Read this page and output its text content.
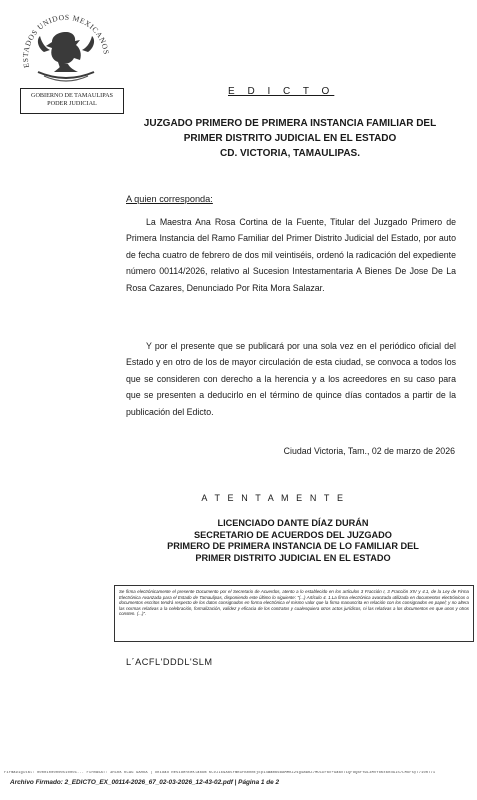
ESTADOS UNIDOS MEXICANOS
GOBIERNO DE TAMAULIPAS
PODER JUDICIAL
E D I C T O
JUZGADO PRIMERO DE PRIMERA INSTANCIA FAMILIAR DEL
PRIMER DISTRITO JUDICIAL EN EL ESTADO
CD. VICTORIA, TAMAULIPAS.
A quien corresponda:
La Maestra Ana Rosa Cortina de la Fuente, Titular del Juzgado Primero de Primera Instancia del Ramo Familiar del Primer Distrito Judicial del Estado, por auto de fecha cuatro de febrero de dos mil veintiséis, ordenó la radicación del expediente número 00114/2026, relativo al Sucesion Intestamentaria A Bienes De Jose De La Rosa Cazares, Denunciado Por Rita Mora Salazar.
Y por el presente que se publicará por una sola vez en el periódico oficial del Estado y en otro de los de mayor circulación de esta ciudad, se convoca a todos los que se consideren con derecho a la herencia y a los acreedores en su caso para que se presenten a deducirlo en el término de quince días contados a partir de la publicación del Edicto.
Ciudad Victoria, Tam., 02 de marzo de 2026
A T E N T A M E N T E
LICENCIADO DANTE DÍAZ DURÁN
SECRETARIO DE ACUERDOS DEL JUZGADO
PRIMERO DE PRIMERA INSTANCIA DE LO FAMILIAR DEL
PRIMER DISTRITO JUDICIAL EN EL ESTADO
Se firma electrónicamente el presente Documento por el Secretario de Acuerdos, atento a lo establecido en los artículos 3 Fracción I, 3 Fracción XIV y 4.1, de la Ley de Firma Electrónica Avanzada para el Estado de Tamaulipas, disponiendo este último lo siguiente: "(...) Artículo 4. 1.La firma electrónica avanzada utilizada en documentos electrónicos o documentos escritos tendrá respecto de los datos consignados en forma electrónica el mismo valor que la firma manuscrita en relación con los consignados en papel; y no altera las normas relativas a la celebración, formalización, validez y eficacia de los contratos y cualesquiera otros actos jurídicos, ni las relativas a los documentos en que unos y otros consten. (...)".
L´ACFL'DDDL'SLM
FirmaDigital: 00001000000510001... FirmaSAT: 3HCKK KCAG GAHOA | Unidad ResidenteKlabkm KCvJIk9Ab5rmKGfB0hmtjEpi4Wamb68AMMnZ2sg4AWRZ7MOCDFbc+GaBx7iQFdQBFYwL3MvfoKx6ndGIS7LMkF5yT7i0RT71
Archivo Firmado: 2_EDICTO_EX_00114-2026_67_02-03-2026_12-43-02.pdf | Página 1 de 2
